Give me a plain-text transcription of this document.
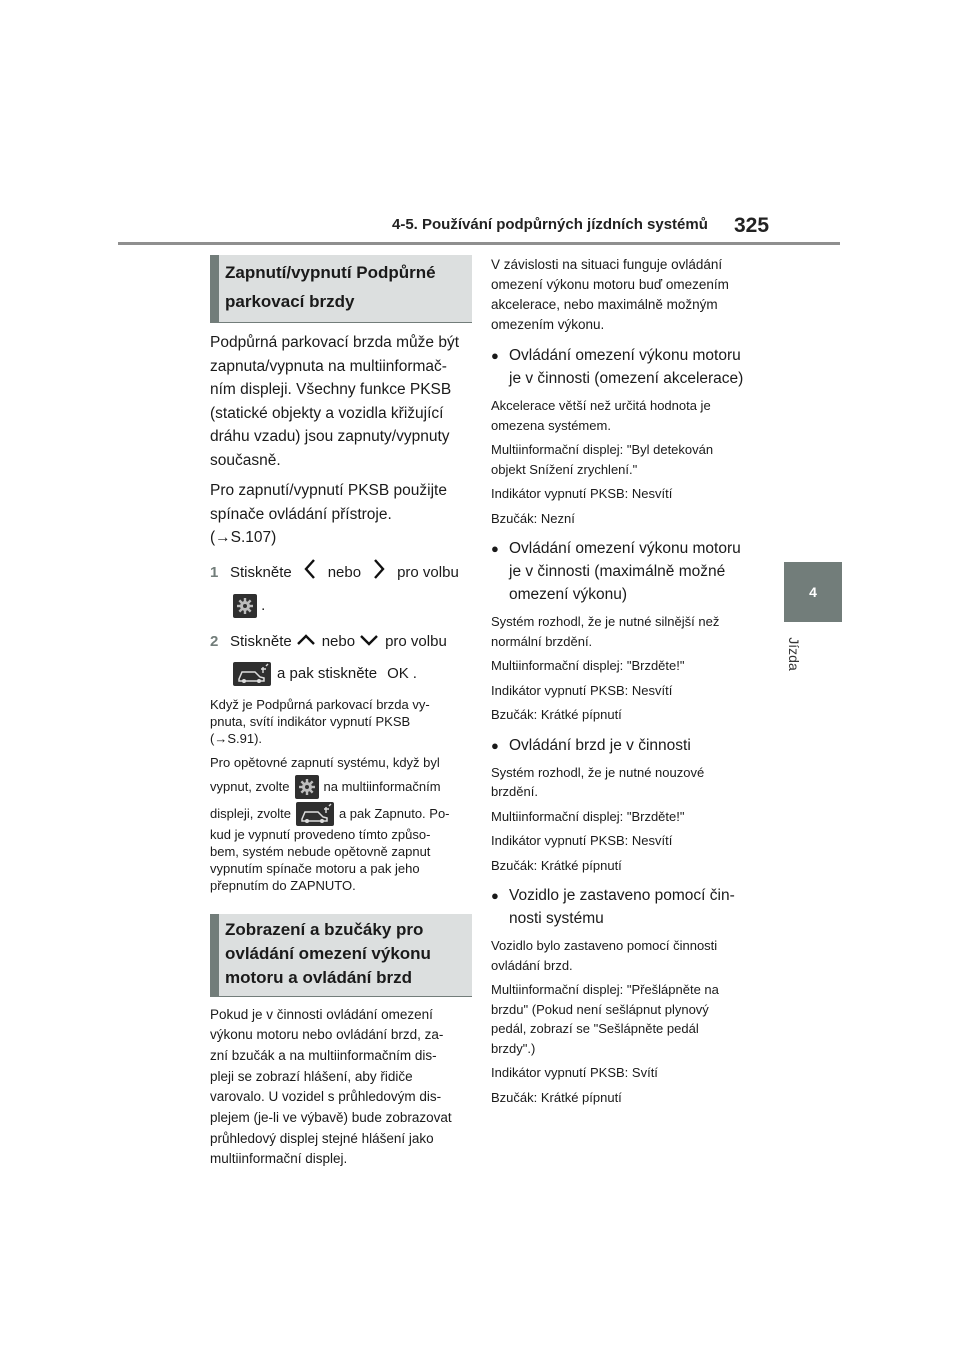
4-5. Používání podpůrných jízdních systémů 325
4
Jízda
Zapnutí/vypnutí Podpůrné
parkovací brzdy
Podpůrná parkovací brzda může být
zapnuta/vypnuta na multiinformač-
ním displeji. Všechny funkce PKSB
(statické objekty a vozidla křižující
dráhu vzadu) jsou zapnuty/vypnuty
současně.
Pro zapnutí/vypnutí PKSB použijte
spínače ovládání přístroje.
(→S.107)
1 Stiskněte nebo pro volbu
.
2 Stiskněte nebo pro volbu
a pak stiskněte OK .
Když je Podpůrná parkovací brzda vy-
pnuta, svítí indikátor vypnutí PKSB
(→S.91).
Pro opětovné zapnutí systému, když byl
vypnut, zvolte	na multiinformačním
displeji, zvolte	a pak Zapnuto. Po-
kud je vypnutí provedeno tímto způso-
bem, systém nebude opětovně zapnut
vypnutím spínače motoru a pak jeho
přepnutím do ZAPNUTO.
Zobrazení a bzučáky pro
ovládání omezení výkonu
motoru a ovládání brzd
Pokud je v činnosti ovládání omezení
výkonu motoru nebo ovládání brzd, za-
zní bzučák a na multiinformačním dis-
pleji se zobrazí hlášení, aby řidiče
varovalo. U vozidel s průhledovým dis-
plejem (je-li ve výbavě) bude zobrazovat
průhledový displej stejné hlášení jako
multiinformační displej.
V závislosti na situaci funguje ovládání
omezení výkonu motoru buď omezením
akcelerace, nebo maximálně možným
omezením výkonu.
● Ovládání omezení výkonu motoru
je v činnosti (omezení akcelerace)
Akcelerace větší než určitá hodnota je
omezena systémem.
Multiinformační displej: "Byl detekován
objekt Snížení zrychlení."
Indikátor vypnutí PKSB: Nesvítí
Bzučák: Nezní
● Ovládání omezení výkonu motoru
je v činnosti (maximálně možné
omezení výkonu)
Systém rozhodl, že je nutné silnější než
normální brzdění.
Multiinformační displej: "Brzděte!"
Indikátor vypnutí PKSB: Nesvítí
Bzučák: Krátké pípnutí
● Ovládání brzd je v činnosti
Systém rozhodl, že je nutné nouzové
brzdění.
Multiinformační displej: "Brzděte!"
Indikátor vypnutí PKSB: Nesvítí
Bzučák: Krátké pípnutí
● Vozidlo je zastaveno pomocí čin-
nosti systému
Vozidlo bylo zastaveno pomocí činnosti
ovládání brzd.
Multiinformační displej: "Přešlápněte na
brzdu" (Pokud není sešlápnut plynový
pedál, zobrazí se "Sešlápněte pedál
brzdy".)
Indikátor vypnutí PKSB: Svítí
Bzučák: Krátké pípnutí
